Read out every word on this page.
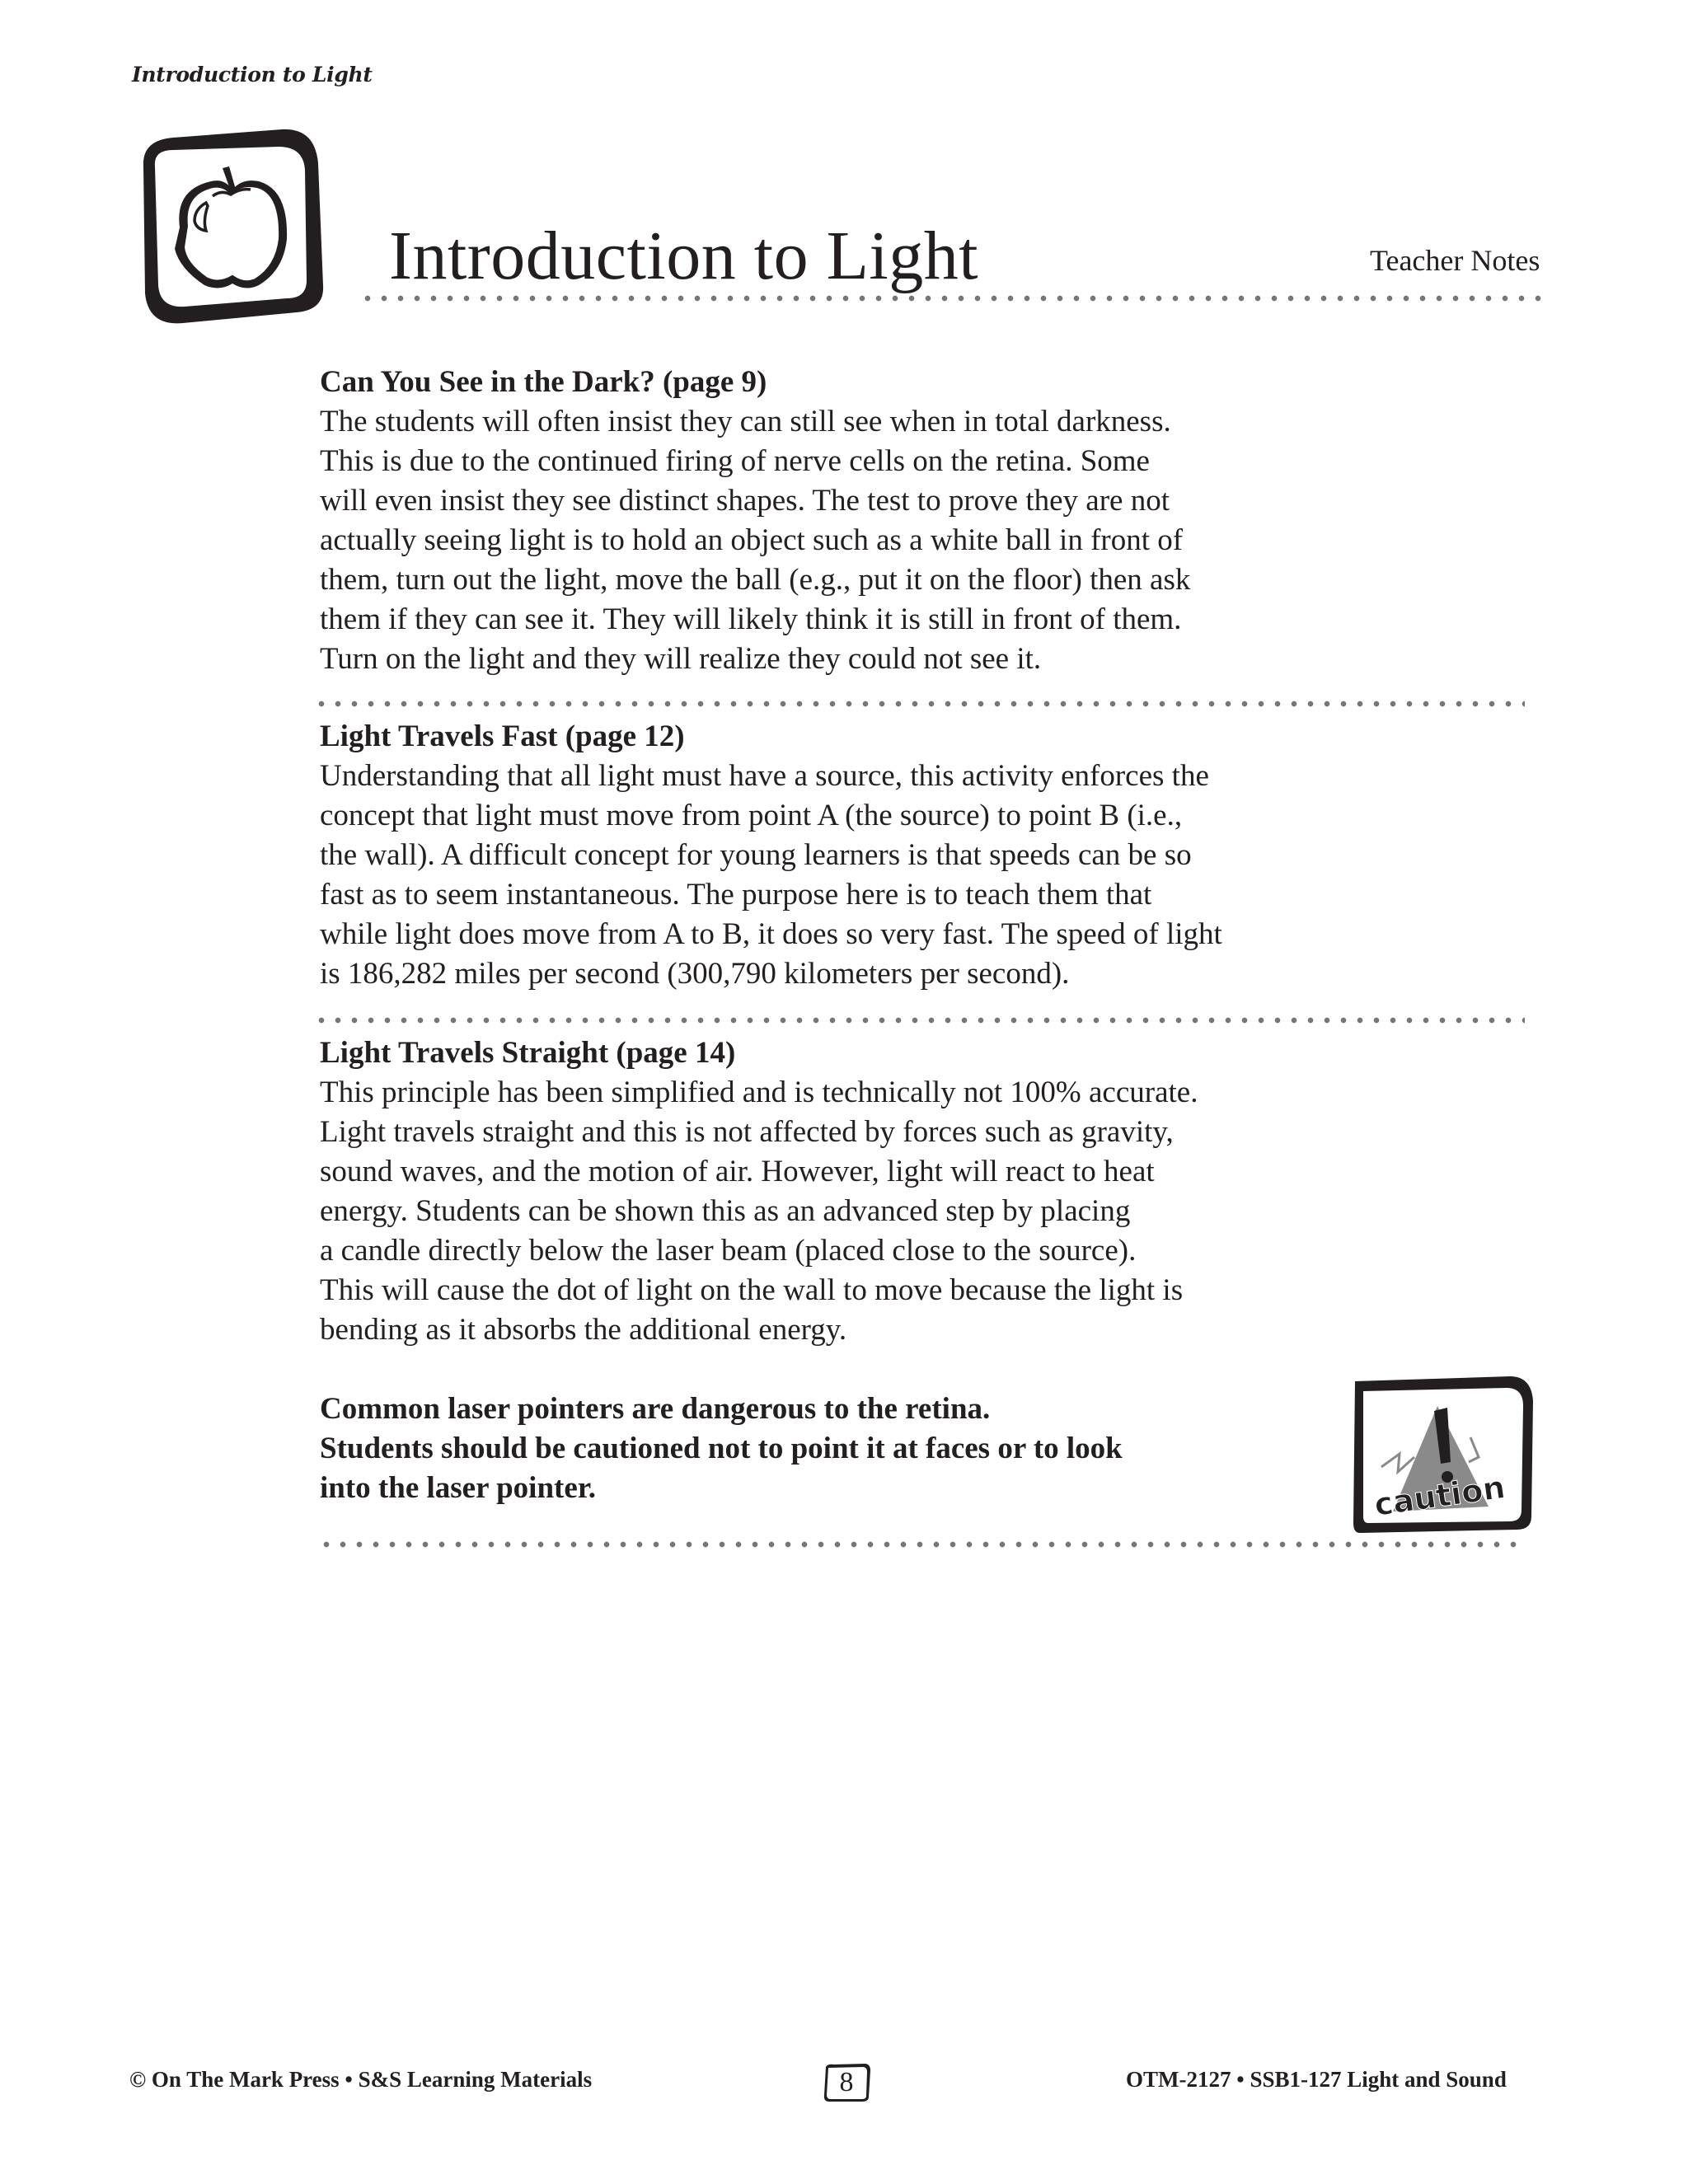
Introduction to Light
Introduction to Light	Teacher Notes
Can You See in the Dark? (page 9)
The students will often insist they can still see when in total darkness.
This is due to the continued firing of nerve cells on the retina. Some
will even insist they see distinct shapes. The test to prove they are not
actually seeing light is to hold an object such as a white ball in front of
them, turn out the light, move the ball (e.g., put it on the floor) then ask
them if they can see it. They will likely think it is still in front of them.
Turn on the light and they will realize they could not see it.
Light Travels Fast (page 12)
Understanding that all light must have a source, this activity enforces the
concept that light must move from point A (the source) to point B (i.e.,
the wall). A difficult concept for young learners is that speeds can be so
fast as to seem instantaneous. The purpose here is to teach them that
while light does move from A to B, it does so very fast. The speed of light
is 186,282 miles per second (300,790 kilometers per second).
Light Travels Straight (page 14)
This principle has been simplified and is technically not 100% accurate.
Light travels straight and this is not affected by forces such as gravity,
sound waves, and the motion of air. However, light will react to heat
energy. Students can be shown this as an advanced step by placing
a candle directly below the laser beam (placed close to the source).
This will cause the dot of light on the wall to move because the light is
bending as it absorbs the additional energy.
Common laser pointers are dangerous to the retina.
Students should be cautioned not to point it at faces or to look
into the laser pointer.	caution
© On The Mark Press • S&S Learning Materials	8	OTM-2127 • SSB1-127 Light and Sound
